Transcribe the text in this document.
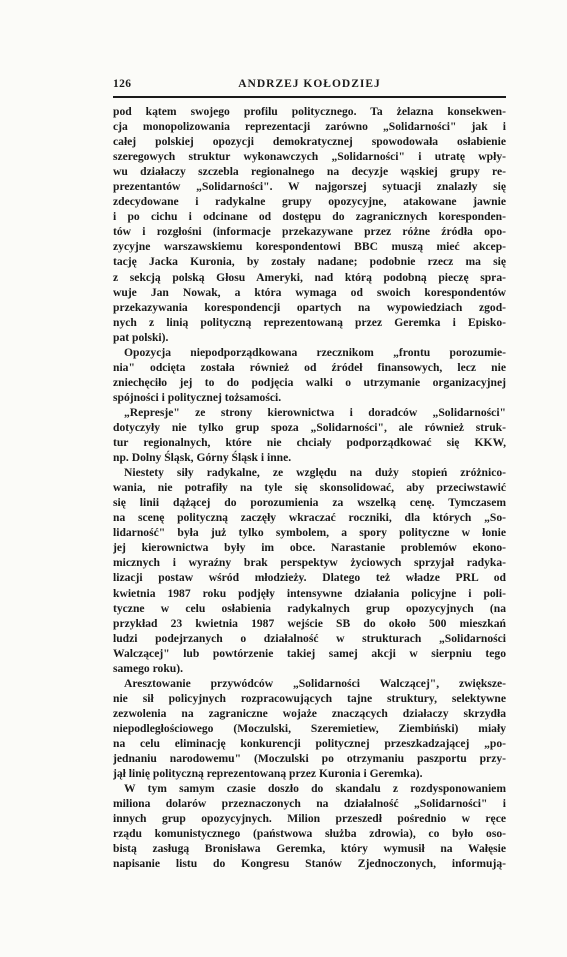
126	ANDRZEJ KOŁODZIEJ
pod kątem swojego profilu politycznego. Ta żelazna konsekwen-
cja monopolizowania reprezentacji zarówno „Solidarności" jak i
całej polskiej opozycji demokratycznej spowodowała osłabienie
szeregowych struktur wykonawczych „Solidarności" i utratę wpły-
wu działaczy szczebla regionalnego na decyzje wąskiej grupy re-
prezentantów „Solidarności". W najgorszej sytuacji znalazły się
zdecydowane i radykalne grupy opozycyjne, atakowane jawnie
i po cichu i odcinane od dostępu do zagranicznych koresponden-
tów i rozgłośni (informacje przekazywane przez różne źródła opo-
zycyjne warszawskiemu korespondentowi BBC muszą mieć akcep-
tację Jacka Kuronia, by zostały nadane; podobnie rzecz ma się
z sekcją polską Głosu Ameryki, nad którą podobną pieczę spra-
wuje Jan Nowak, a która wymaga od swoich korespondentów
przekazywania korespondencji opartych na wypowiedziach zgod-
nych z linią polityczną reprezentowaną przez Geremka i Episko-
pat polski).
Opozycja niepodporządkowana rzecznikom „frontu porozumie-
nia" odcięta została również od źródeł finansowych, lecz nie
zniechęciło jej to do podjęcia walki o utrzymanie organizacyjnej
spójności i politycznej tożsamości.
„Represje" ze strony kierownictwa i doradców „Solidarności"
dotyczyły nie tylko grup spoza „Solidarności", ale również struk-
tur regionalnych, które nie chciały podporządkować się KKW,
np. Dolny Śląsk, Górny Śląsk i inne.
Niestety siły radykalne, ze względu na duży stopień zróżnico-
wania, nie potrafiły na tyle się skonsolidować, aby przeciwstawić
się linii dążącej do porozumienia za wszelką cenę. Tymczasem
na scenę polityczną zaczęły wkraczać roczniki, dla których „So-
lidarność" była już tylko symbolem, a spory polityczne w łonie
jej kierownictwa były im obce. Narastanie problemów ekono-
micznych i wyraźny brak perspektyw życiowych sprzyjał radyka-
lizacji postaw wśród młodzieży. Dlatego też władze PRL od
kwietnia 1987 roku podjęły intensywne działania policyjne i poli-
tyczne w celu osłabienia radykalnych grup opozycyjnych (na
przykład 23 kwietnia 1987 wejście SB do około 500 mieszkań
ludzi podejrzanych o działalność w strukturach „Solidarności
Walczącej" lub powtórzenie takiej samej akcji w sierpniu tego
samego roku).
Aresztowanie przywódców „Solidarności Walczącej", zwiększe-
nie sił policyjnych rozpracowujących tajne struktury, selektywne
zezwolenia na zagraniczne wojaże znaczących działaczy skrzydła
niepodległościowego (Moczulski, Szeremietiew, Ziembiński) miały
na celu eliminację konkurencji politycznej przeszkadzającej „po-
jednaniu narodowemu" (Moczulski po otrzymaniu paszportu przy-
jął linię polityczną reprezentowaną przez Kuronia i Geremka).
W tym samym czasie doszło do skandalu z rozdysponowaniem
miliona dolarów przeznaczonych na działalność „Solidarności" i
innych grup opozycyjnych. Milion przeszedł pośrednio w ręce
rządu komunistycznego (państwowa służba zdrowia), co było oso-
bistą zasługą Bronisława Geremka, który wymusił na Wałęsie
napisanie listu do Kongresu Stanów Zjednoczonych, informują-
